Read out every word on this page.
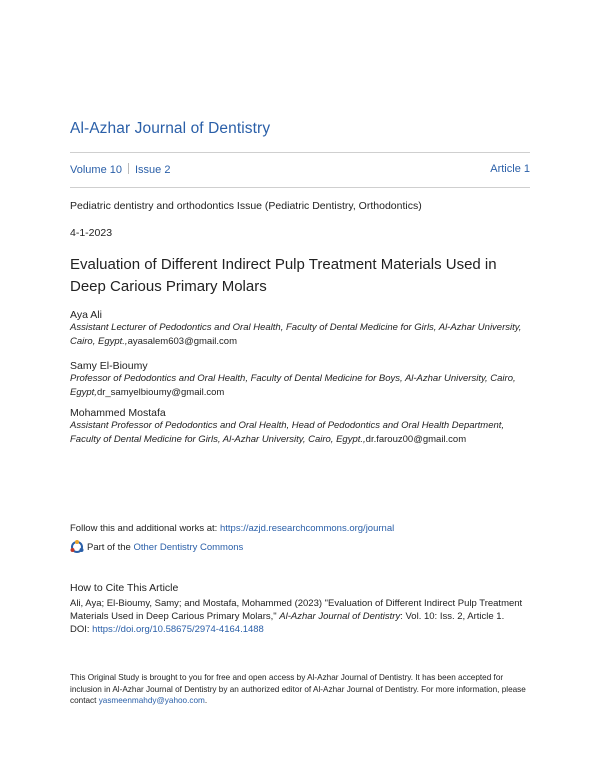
Al-Azhar Journal of Dentistry
Volume 10 Issue 2	Article 1
Pediatric dentistry and orthodontics Issue (Pediatric Dentistry, Orthodontics)
4-1-2023
Evaluation of Different Indirect Pulp Treatment Materials Used in Deep Carious Primary Molars
Aya Ali
Assistant Lecturer of Pedodontics and Oral Health, Faculty of Dental Medicine for Girls, Al-Azhar University, Cairo, Egypt.,ayasalem603@gmail.com
Samy El-Bioumy
Professor of Pedodontics and Oral Health, Faculty of Dental Medicine for Boys, Al-Azhar University, Cairo, Egypt,dr_samyelbioumy@gmail.com
Mohammed Mostafa
Assistant Professor of Pedodontics and Oral Health, Head of Pedodontics and Oral Health Department, Faculty of Dental Medicine for Girls, Al-Azhar University, Cairo, Egypt.,dr.farouz00@gmail.com
Follow this and additional works at: https://azjd.researchcommons.org/journal
Part of the
Other Dentistry Commons
How to Cite This Article
Ali, Aya; El-Bioumy, Samy; and Mostafa, Mohammed (2023) "Evaluation of Different Indirect Pulp Treatment Materials Used in Deep Carious Primary Molars," Al-Azhar Journal of Dentistry: Vol. 10: Iss. 2, Article 1.
DOI: https://doi.org/10.58675/2974-4164.1488
This Original Study is brought to you for free and open access by Al-Azhar Journal of Dentistry. It has been accepted for inclusion in Al-Azhar Journal of Dentistry by an authorized editor of Al-Azhar Journal of Dentistry. For more information, please contact yasmeenmahdy@yahoo.com.
